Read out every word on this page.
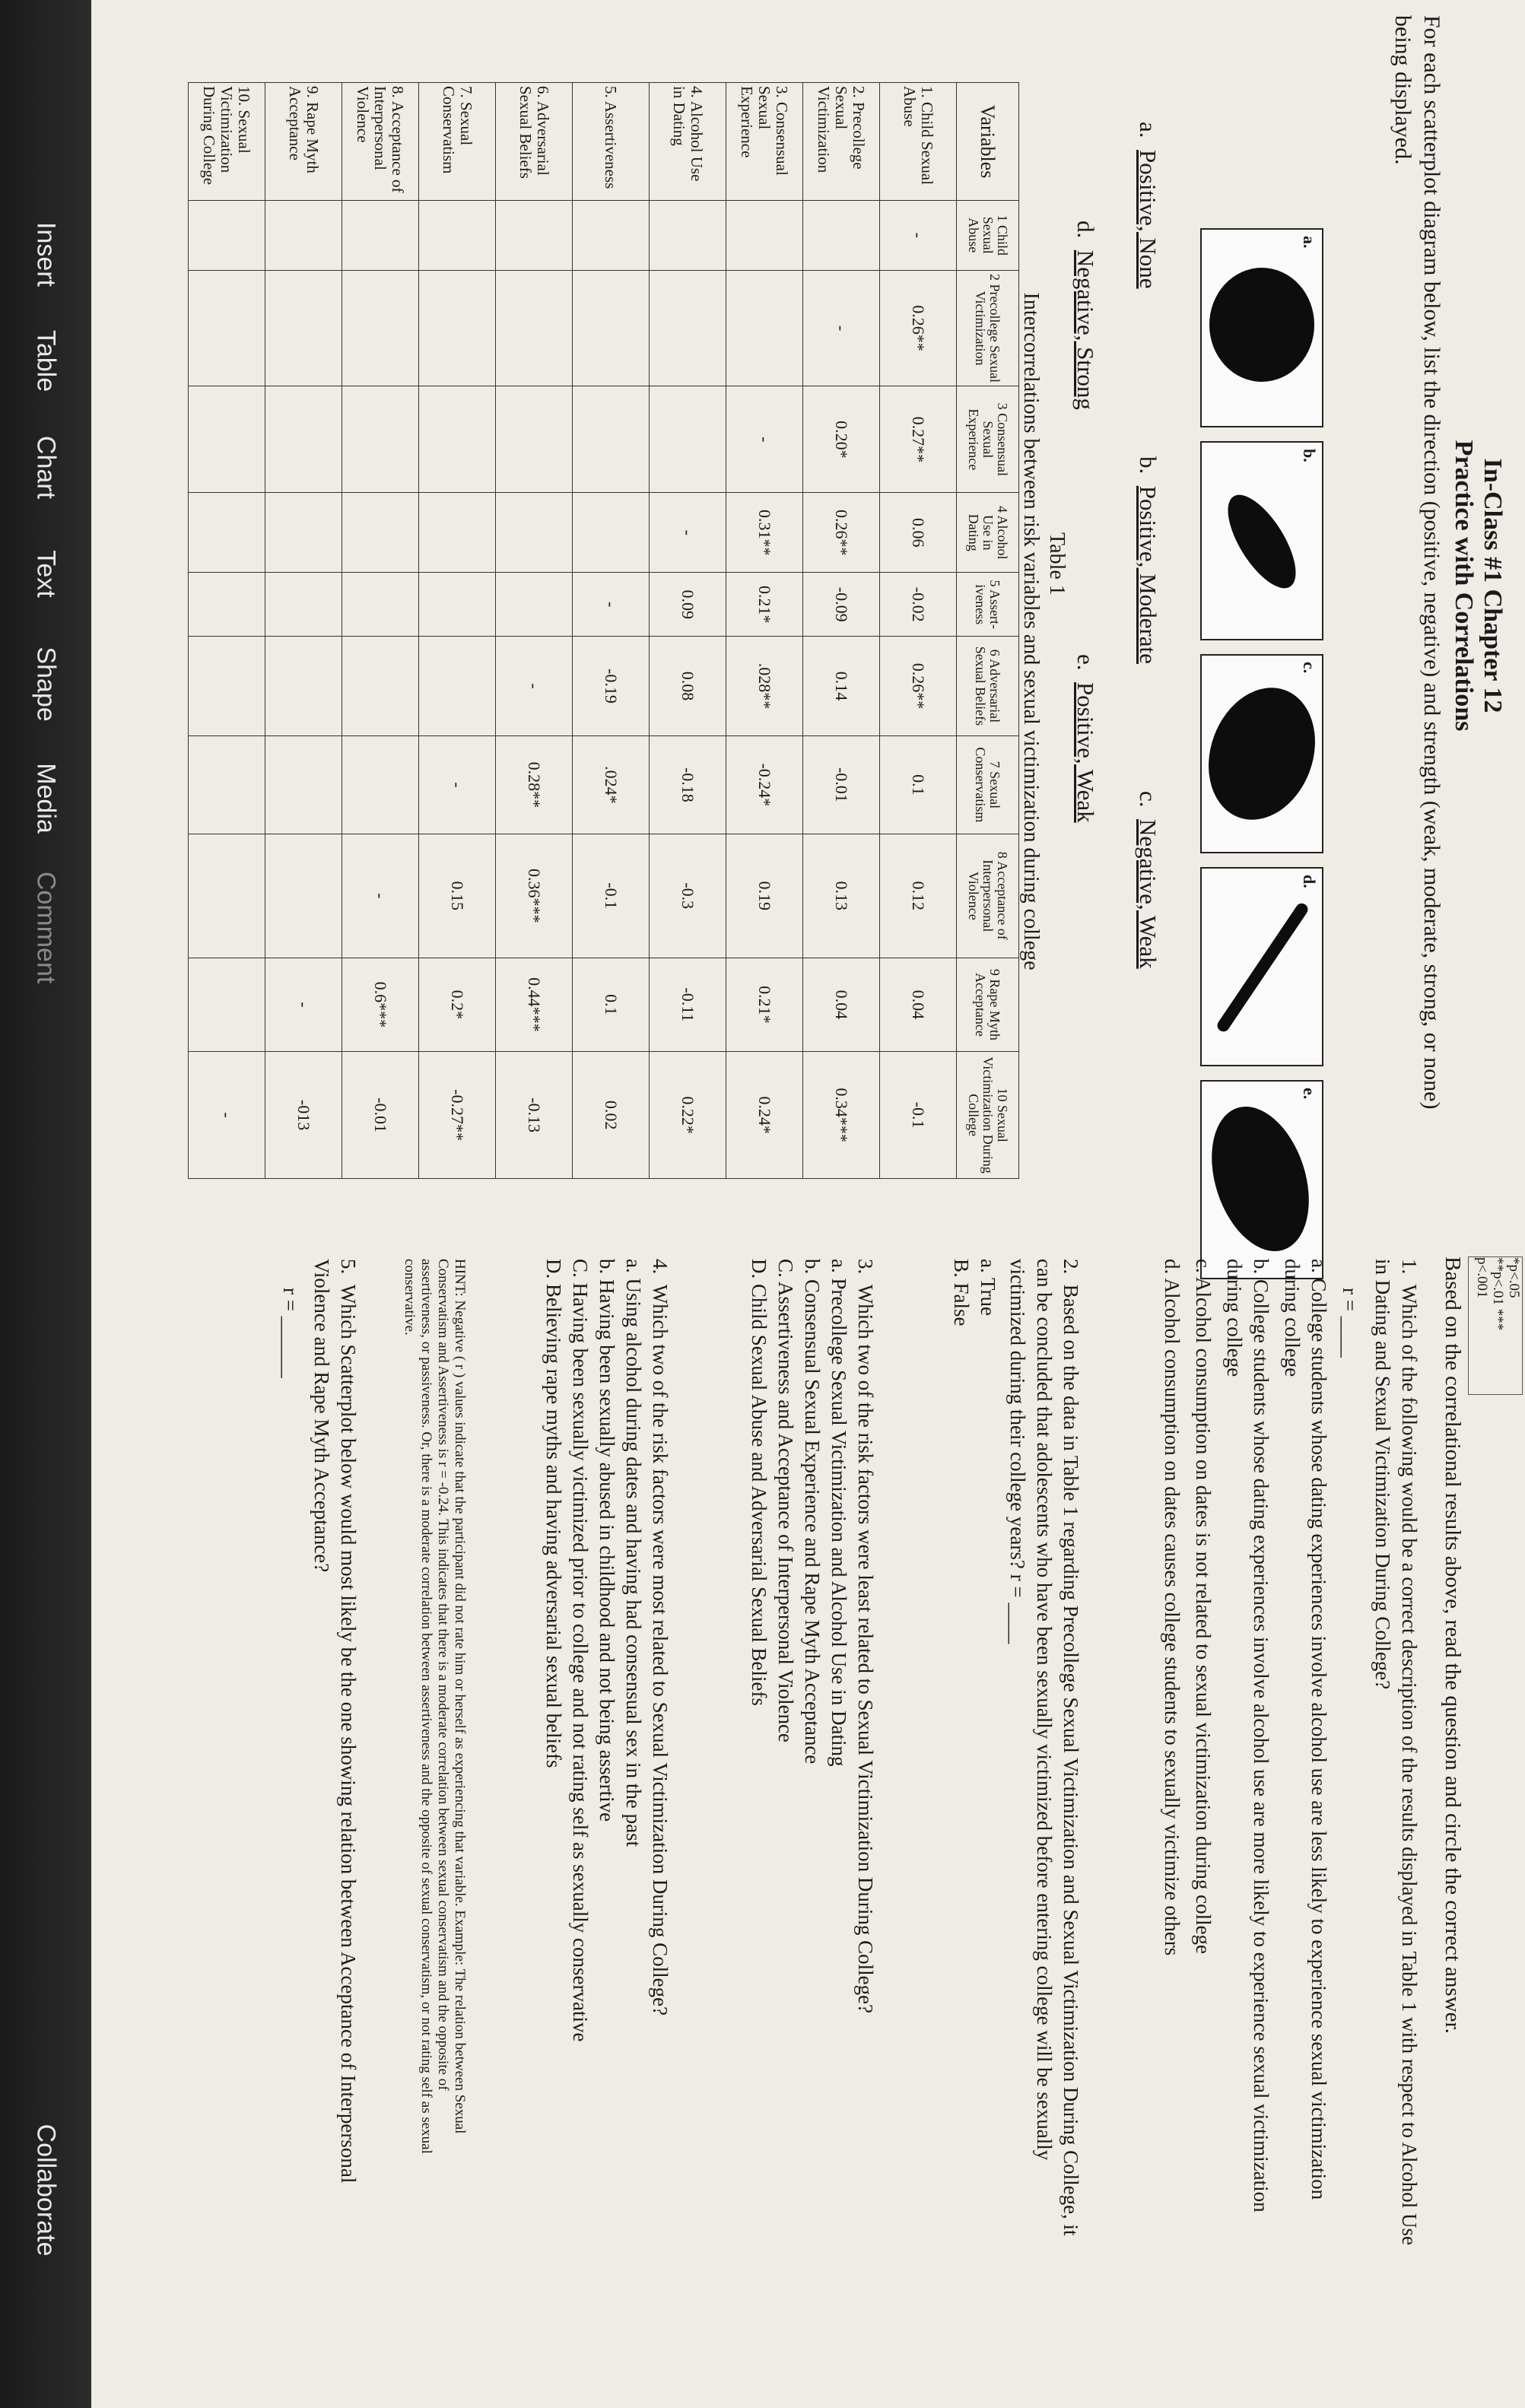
Insert
Table
Chart
Text
Shape
Media
Comment
Collaborate
In-Class #1 Chapter 12
Practice with Correlations
For each scatterplot diagram below, list the direction (positive, negative) and strength (weak, moderate, strong, or none) being displayed.
a.
b.
c.
d.
e.
a.  Positive, None
b.  Positive, Moderate
c.  Negative, Weak
d.  Negative, Strong
e.  Positive, Weak
Table 1
Intercorrelations between risk variables and sexual victimization during college
Variables	1 Child Sexual Abuse	2 Precollege Sexual Victimization	3 Consensual Sexual Experience	4 Alcohol Use in Dating	5 Assert- iveness	6 Adversarial Sexual Beliefs	7 Sexual Conservatism	8 Acceptance of Interpersonal Violence	9 Rape Myth Acceptance	10 Sexual Victimization During College
1. Child Sexual Abuse	-	0.26**	0.27**	0.06	-0.02	0.26**	0.1	0.12	0.04	-0.1
2. Precollege Sexual Victimization		-	0.20*	0.26**	-0.09	0.14	-0.01	0.13	0.04	0.34***
3. Consensual Sexual Experience			-	0.31**	0.21*	.028**	-0.24*	0.19	0.21*	0.24*
4. Alcohol Use in Dating				-	0.09	0.08	-0.18	-0.3	-0.11	0.22*
5. Assertiveness					-	-0.19	.024*	-0.1	0.1	0.02
6. Adversarial Sexual Beliefs						-	0.28**	0.36***	0.44***	-0.13
7. Sexual Conservatism							-	0.15	0.2*	-0.27**
8. Acceptance of Interpersonal Violence								-	0.6***	-0.01
9. Rape Myth Acceptance									-	-013
10. Sexual Victimization During College										-
*p<.05
**p<.01 ***
p<.001
Based on the correlational results above, read the question and circle the correct answer.
1.  Which of the following would be a correct description of the results displayed in Table 1 with respect to Alcohol Use in Dating and Sexual Victimization During College?
r = ____
a. College students whose dating experiences involve alcohol use are less likely to experience sexual victimization during college
b. College students whose dating experiences involve alcohol use are more likely to experience sexual victimization during college
c. Alcohol consumption on dates is not related to sexual victimization during college
d. Alcohol consumption on dates causes college students to sexually victimize others
2.  Based on the data in Table 1 regarding Precollege Sexual Victimization and Sexual Victimization During College, it can be concluded that adolescents who have been sexually victimized before entering college will be sexually victimized during their college years? r = ____
a. True
B. False
3.  Which two of the risk factors were least related to Sexual Victimization During College?
a. Precollege Sexual Victimization and Alcohol Use in Dating
b. Consensual Sexual Experience and Rape Myth Acceptance
C. Assertiveness and Acceptance of Interpersonal Violence
D. Child Sexual Abuse and Adversarial Sexual Beliefs
4.  Which two of the risk factors were most related to Sexual Victimization During College?
a. Using alcohol during dates and having had consensual sex in the past
b. Having been sexually abused in childhood and not being assertive
C. Having been sexually victimized prior to college and not rating self as sexually conservative
D. Believing rape myths and having adversarial sexual beliefs
HINT: Negative ( r ) values indicate that the participant did not rate him or herself as experiencing that variable. Example: The relation between Sexual Conservatism and Assertiveness is r = -0.24. This indicates that there is a moderate correlation between sexual conservatism and the opposite of assertiveness, or passiveness. Or, there is a moderate correlation between assertiveness and the opposite of sexual conservatism, or not rating self as sexual conservative.
5.  Which Scatterplot below would most likely be the one showing relation between Acceptance of Interpersonal Violence and Rape Myth Acceptance?
r = ______
